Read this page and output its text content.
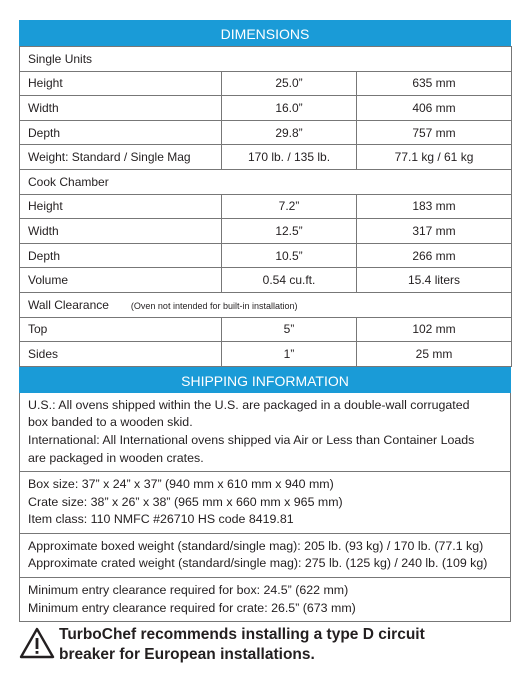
DIMENSIONS
Single Units		
Height	25.0”	635 mm
Width	16.0”	406 mm
Depth	29.8”	757 mm
Weight: Standard / Single Mag	170 lb. / 135 lb.	77.1 kg / 61 kg
Cook Chamber		
Height	7.2”	183 mm
Width	12.5”	317 mm
Depth	10.5”	266 mm
Volume	0.54 cu.ft.	15.4 liters
Wall Clearance (Oven not intended for built-in installation)		
Top	5”	102 mm
Sides	1”	25 mm
SHIPPING INFORMATION
U.S.: All ovens shipped within the U.S. are packaged in a double-wall corrugated
box banded to a wooden skid.
International: All International ovens shipped via Air or Less than Container Loads
are packaged in wooden crates.
Box size: 37” x 24” x 37” (940 mm x 610 mm x 940 mm)
Crate size: 38” x 26” x 38” (965 mm x 660 mm x 965 mm)
Item class: 110 NMFC #26710 HS code 8419.81
Approximate boxed weight (standard/single mag): 205 lb. (93 kg) / 170 lb. (77.1 kg)
Approximate crated weight (standard/single mag): 275 lb. (125 kg) / 240 lb. (109 kg)
Minimum entry clearance required for box: 24.5” (622 mm)
Minimum entry clearance required for crate: 26.5” (673 mm)
TurboChef recommends installing a type D circuit
breaker for European installations.
